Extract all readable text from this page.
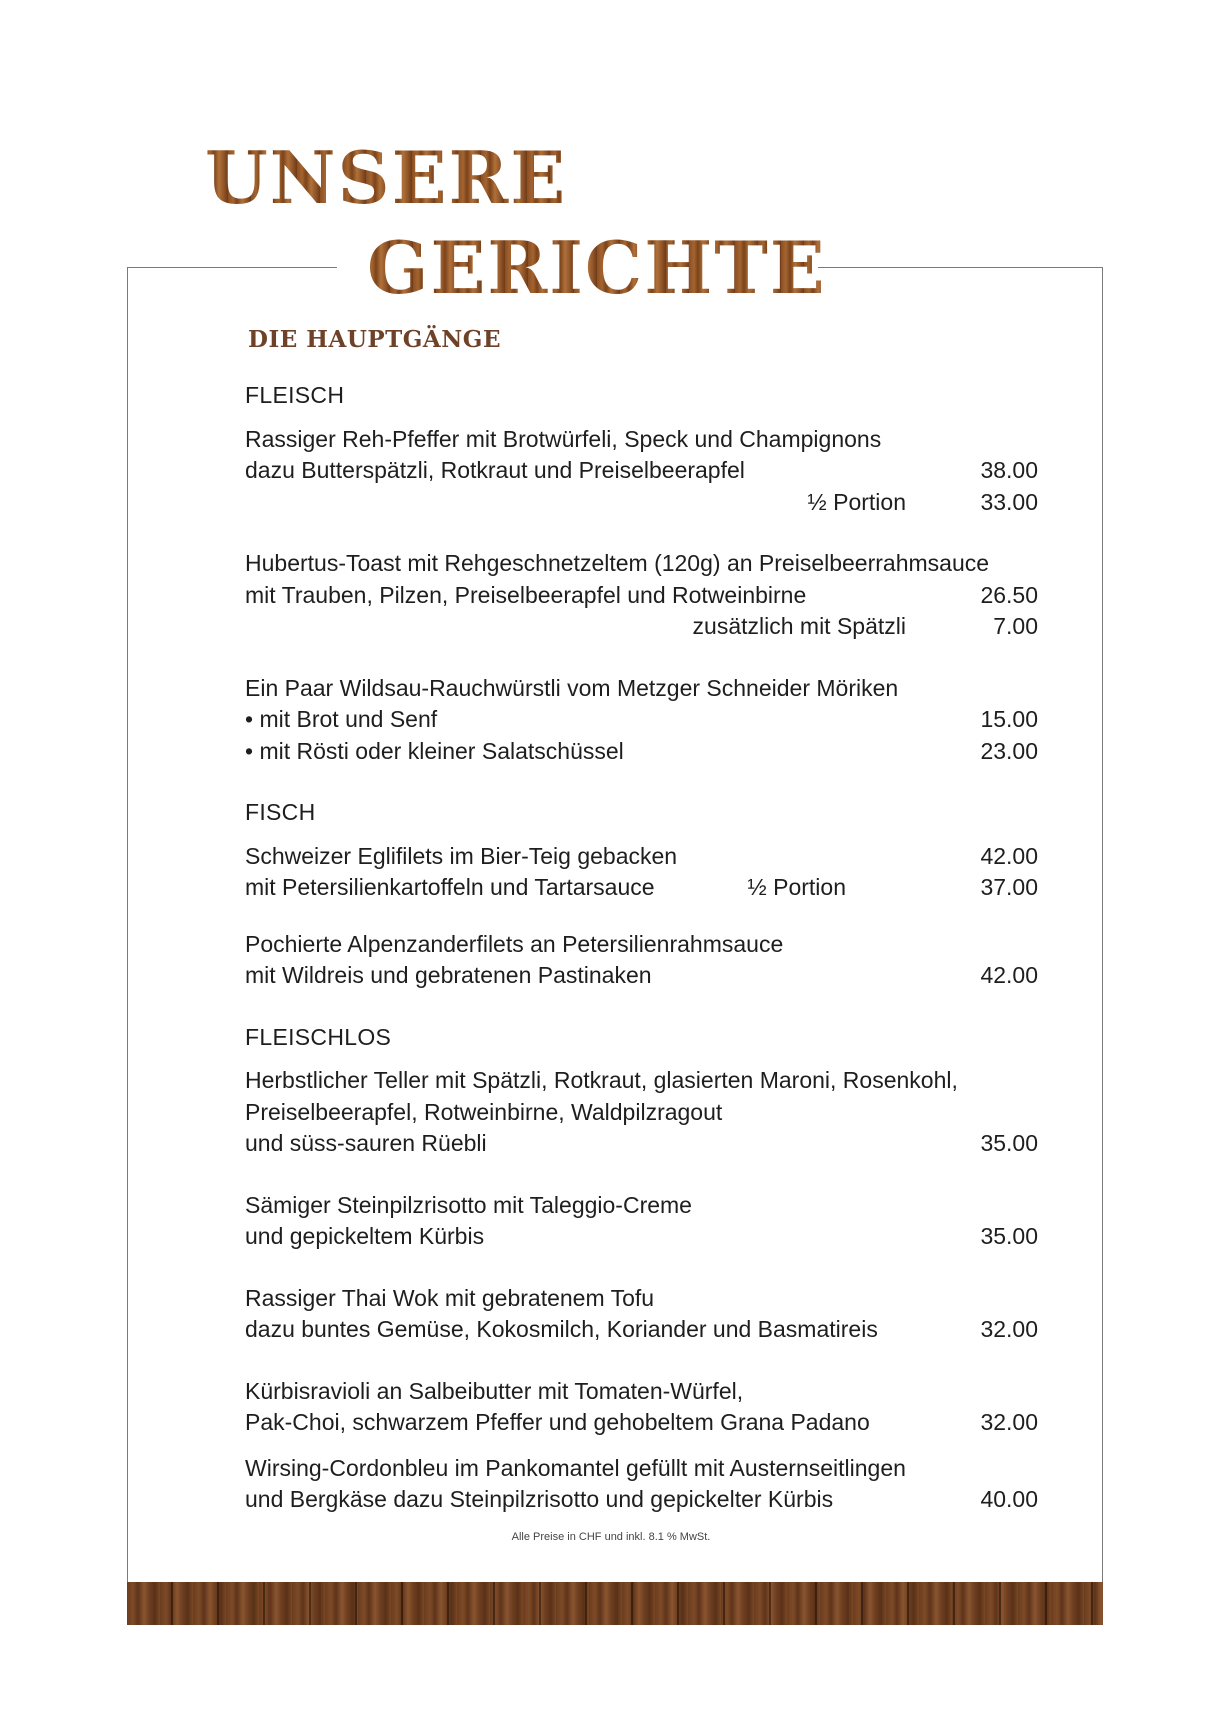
UNSERE
GERICHTE
DIE HAUPTGÄNGE
FLEISCH
Rassiger Reh-Pfeffer mit Brotwürfeli, Speck und Champignons
dazu Butterspätzli, Rotkraut und Preiselbeerapfel	38.00
½ Portion	33.00
Hubertus-Toast mit Rehgeschnetzeltem (120g) an Preiselbeerrahmsauce
mit Trauben, Pilzen, Preiselbeerapfel und Rotweinbirne	26.50
zusätzlich mit Spätzli	7.00
Ein Paar Wildsau-Rauchwürstli vom Metzger Schneider Möriken
• mit Brot und Senf	15.00
• mit Rösti oder kleiner Salatschüssel	23.00
FISCH
Schweizer Eglifilets im Bier-Teig gebacken	42.00
mit Petersilienkartoffeln und Tartarsauce	½ Portion	37.00
Pochierte Alpenzanderfilets an Petersilienrahmsauce
mit Wildreis und gebratenen Pastinaken	42.00
FLEISCHLOS
Herbstlicher Teller mit Spätzli, Rotkraut, glasierten Maroni, Rosenkohl,
Preiselbeerapfel, Rotweinbirne, Waldpilzragout
und süss-sauren Rüebli	35.00
Sämiger Steinpilzrisotto mit Taleggio-Creme
und gepickeltem Kürbis	35.00
Rassiger Thai Wok mit gebratenem Tofu
dazu buntes Gemüse, Kokosmilch, Koriander und Basmatireis	32.00
Kürbisravioli an Salbeibutter mit Tomaten-Würfel,
Pak-Choi, schwarzem Pfeffer und gehobeltem Grana Padano	32.00
Wirsing-Cordonbleu im Pankomantel gefüllt mit Austernseitlingen
und Bergkäse dazu Steinpilzrisotto und gepickelter Kürbis	40.00
Alle Preise in CHF und inkl. 8.1 % MwSt.
